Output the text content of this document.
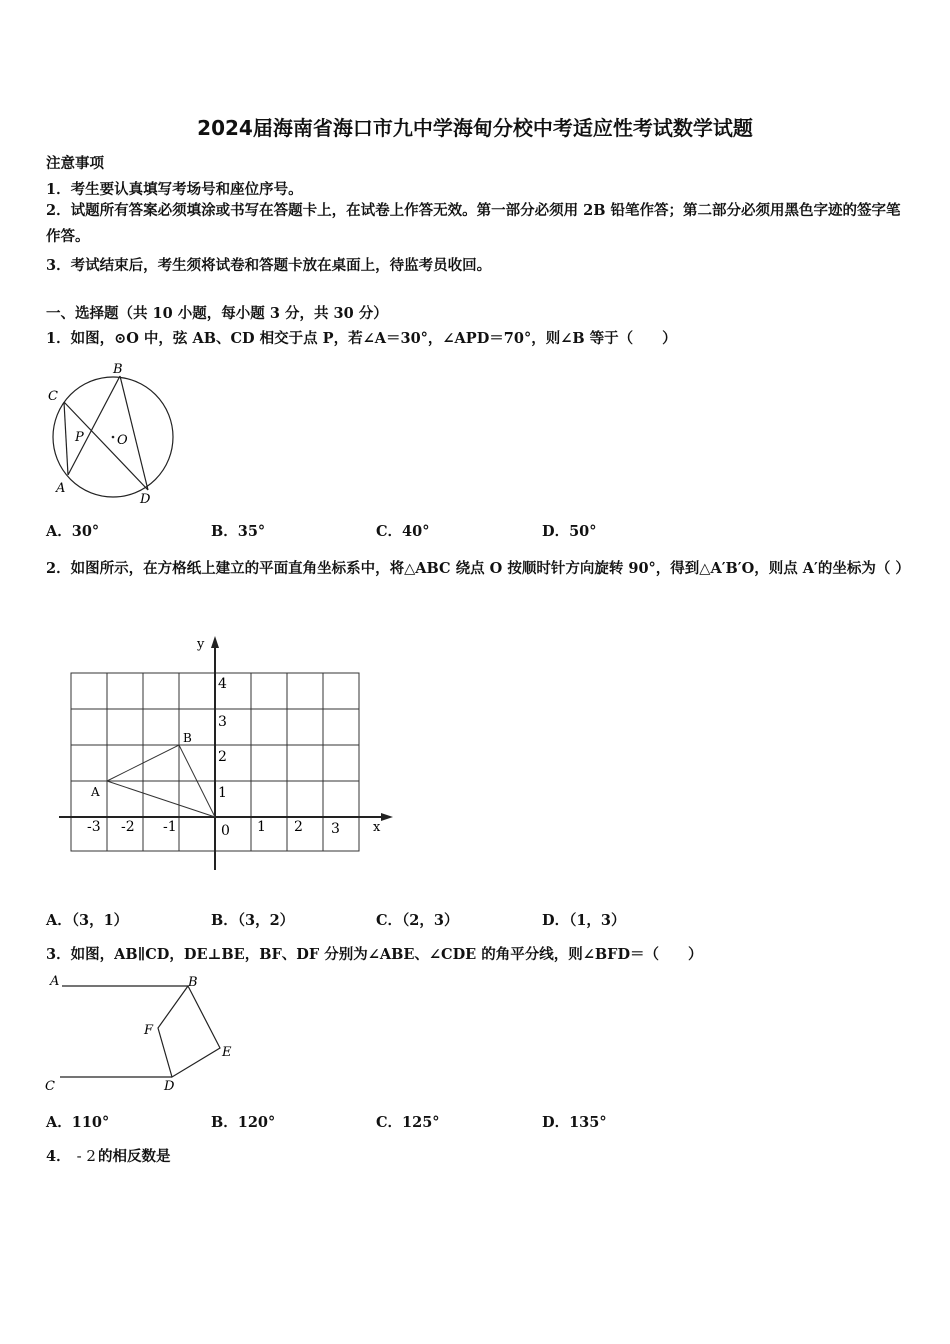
2024届海南省海口市九中学海甸分校中考适应性考试数学试题
注意事项
1．考生要认真填写考场号和座位序号。
2．试题所有答案必须填涂或书写在答题卡上，在试卷上作答无效。第一部分必须用 2B 铅笔作答；第二部分必须用黑色字迹的签字笔作答。
3．考试结束后，考生须将试卷和答题卡放在桌面上，待监考员收回。
一、选择题（共 10 小题，每小题 3 分，共 30 分）
1．如图，⊙O 中，弦 AB、CD 相交于点 P，若∠A＝30°，∠APD＝70°，则∠B 等于（　　）
B
C
P	O
A
D
A．30°	B．35°	C．40°	D．50°
2．如图所示，在方格纸上建立的平面直角坐标系中，将△ABC 绕点 O 按顺时针方向旋转 90°，得到△A′B′O，则点 A′的坐标为（ ）
y
x
4
3
2
1
-3 -2 -1	0 1 2 3
A
B
A．（3，1）	B．（3，2）	C．（2，3）	D．（1，3）
3．如图，AB∥CD，DE⊥BE，BF、DF 分别为∠ABE、∠CDE 的角平分线，则∠BFD＝（　　）
A	B
F
E
C	D
A．110°	B．120°	C．125°	D．135°
4． - 2 的相反数是
